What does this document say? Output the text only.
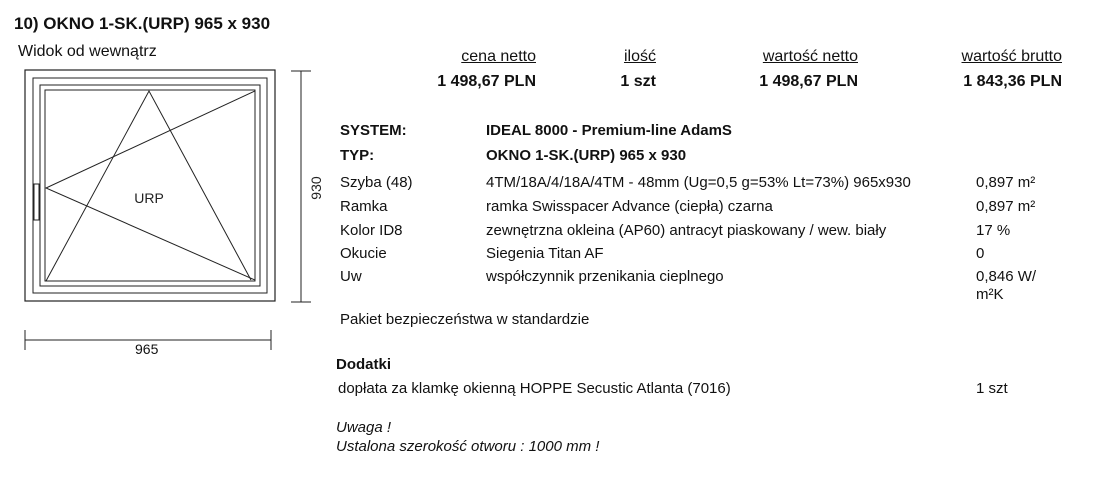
10) OKNO 1-SK.(URP) 965 x 930
Widok od wewnątrz
URP	930
965
cena netto	ilość	wartość netto	wartość brutto
1 498,67 PLN	1 szt	1 498,67 PLN	1 843,36 PLN
SYSTEM:	IDEAL 8000 - Premium-line AdamS
TYP:	OKNO 1-SK.(URP) 965 x 930
Szyba (48)	4TM/18A/4/18A/4TM - 48mm (Ug=0,5 g=53% Lt=73%) 965x930	0,897 m²
Ramka	ramka Swisspacer Advance (ciepła) czarna	0,897 m²
Kolor ID8	zewnętrzna okleina (AP60) antracyt piaskowany / wew. biały	17 %
Okucie	Siegenia Titan AF	0
Uw	współczynnik przenikania cieplnego	0,846 W/
m²K
Pakiet bezpieczeństwa w standardzie
Dodatki
dopłata za klamkę okienną HOPPE Secustic Atlanta (7016)	1 szt
Uwaga !
Ustalona szerokość otworu : 1000 mm !
